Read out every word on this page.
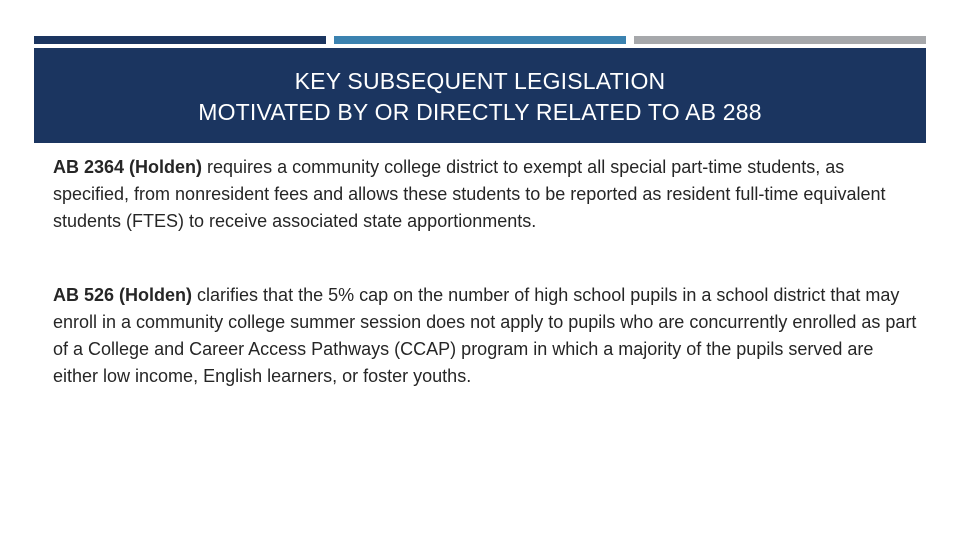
KEY SUBSEQUENT LEGISLATION
MOTIVATED BY OR DIRECTLY RELATED TO AB 288

AB 2364 (Holden) requires a community college district to exempt all special part-time students, as specified, from nonresident fees and allows these students to be reported as resident full-time equivalent students (FTES) to receive associated state apportionments.

AB 526 (Holden) clarifies that the 5% cap on the number of high school pupils in a school district that may enroll in a community college summer session does not apply to pupils who are concurrently enrolled as part of a College and Career Access Pathways (CCAP) program in which a majority of the pupils served are either low income, English learners, or foster youths.
